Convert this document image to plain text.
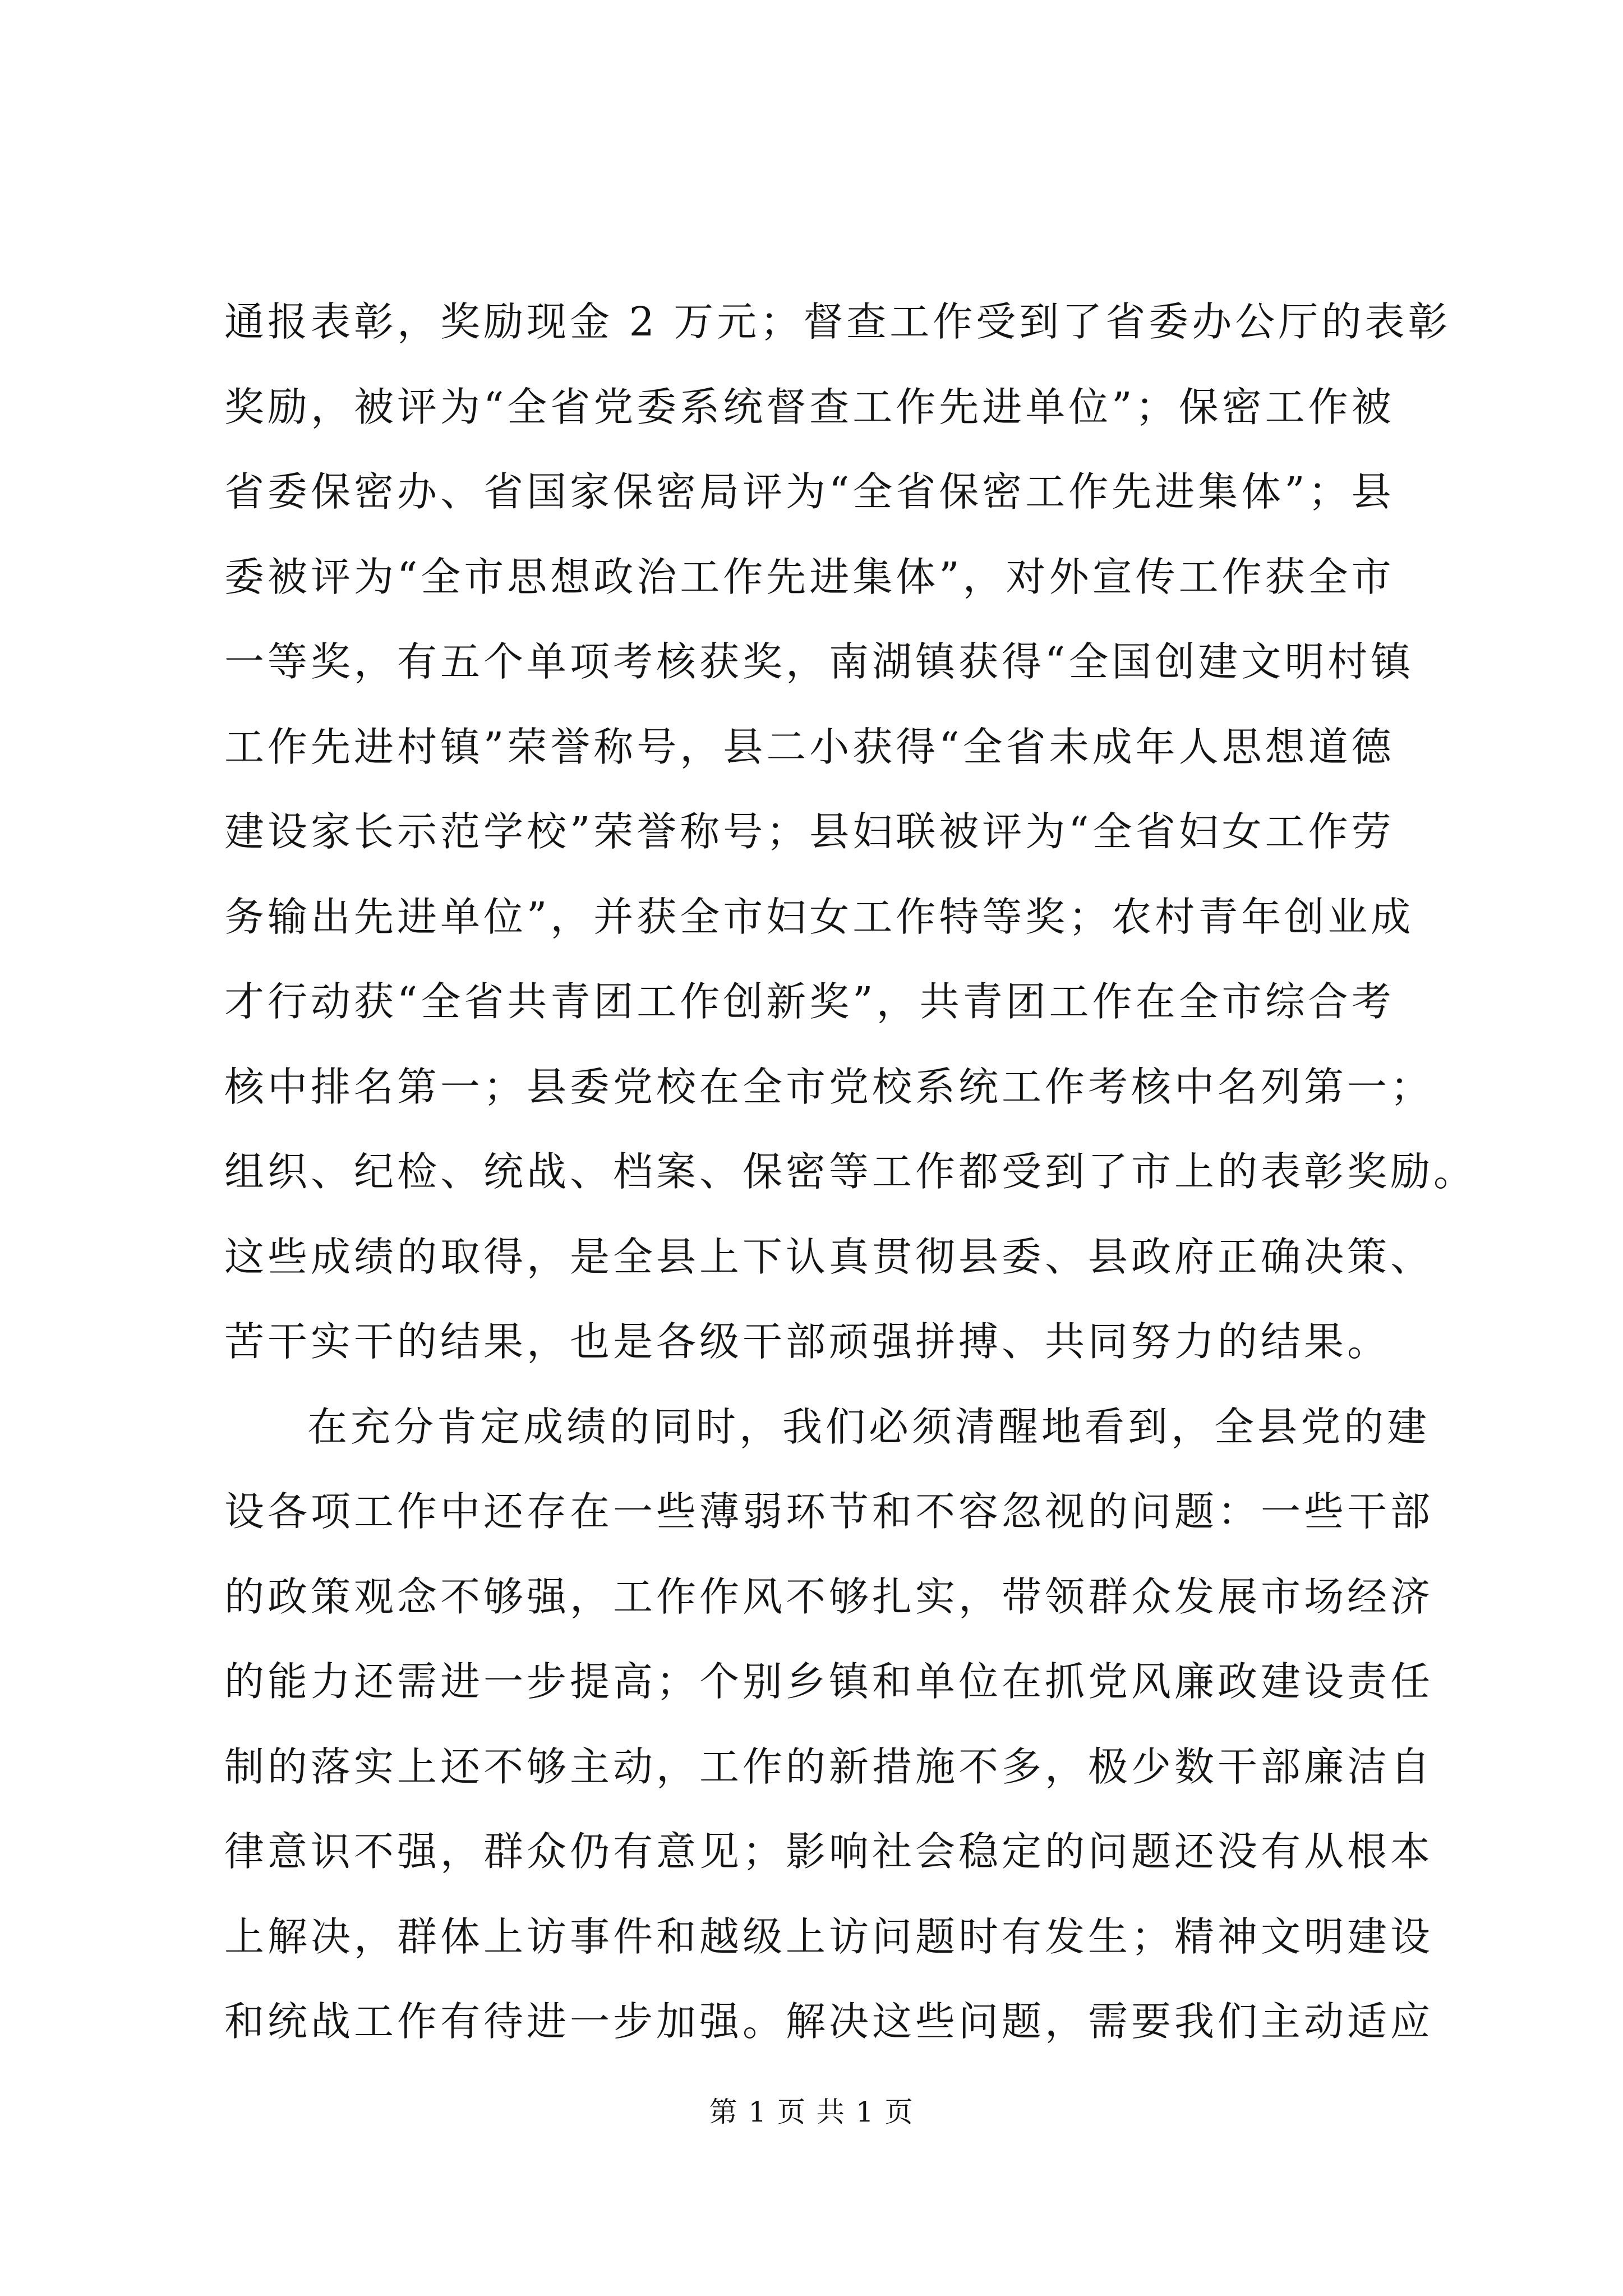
通报表彰，奖励现金 2 万元；督查工作受到了省委办公厅的表彰
奖励，被评为“全省党委系统督查工作先进单位”；保密工作被
省委保密办、省国家保密局评为“全省保密工作先进集体”；县
委被评为“全市思想政治工作先进集体”，对外宣传工作获全市
一等奖，有五个单项考核获奖，南湖镇获得“全国创建文明村镇
工作先进村镇”荣誉称号，县二小获得“全省未成年人思想道德
建设家长示范学校”荣誉称号；县妇联被评为“全省妇女工作劳
务输出先进单位”，并获全市妇女工作特等奖；农村青年创业成
才行动获“全省共青团工作创新奖”，共青团工作在全市综合考
核中排名第一；县委党校在全市党校系统工作考核中名列第一；
组织、纪检、统战、档案、保密等工作都受到了市上的表彰奖励。
这些成绩的取得，是全县上下认真贯彻县委、县政府正确决策、
苦干实干的结果，也是各级干部顽强拼搏、共同努力的结果。
在充分肯定成绩的同时，我们必须清醒地看到，全县党的建
设各项工作中还存在一些薄弱环节和不容忽视的问题：一些干部
的政策观念不够强，工作作风不够扎实，带领群众发展市场经济
的能力还需进一步提高；个别乡镇和单位在抓党风廉政建设责任
制的落实上还不够主动，工作的新措施不多，极少数干部廉洁自
律意识不强，群众仍有意见；影响社会稳定的问题还没有从根本
上解决，群体上访事件和越级上访问题时有发生；精神文明建设
和统战工作有待进一步加强。解决这些问题，需要我们主动适应
第 1 页 共 1 页
